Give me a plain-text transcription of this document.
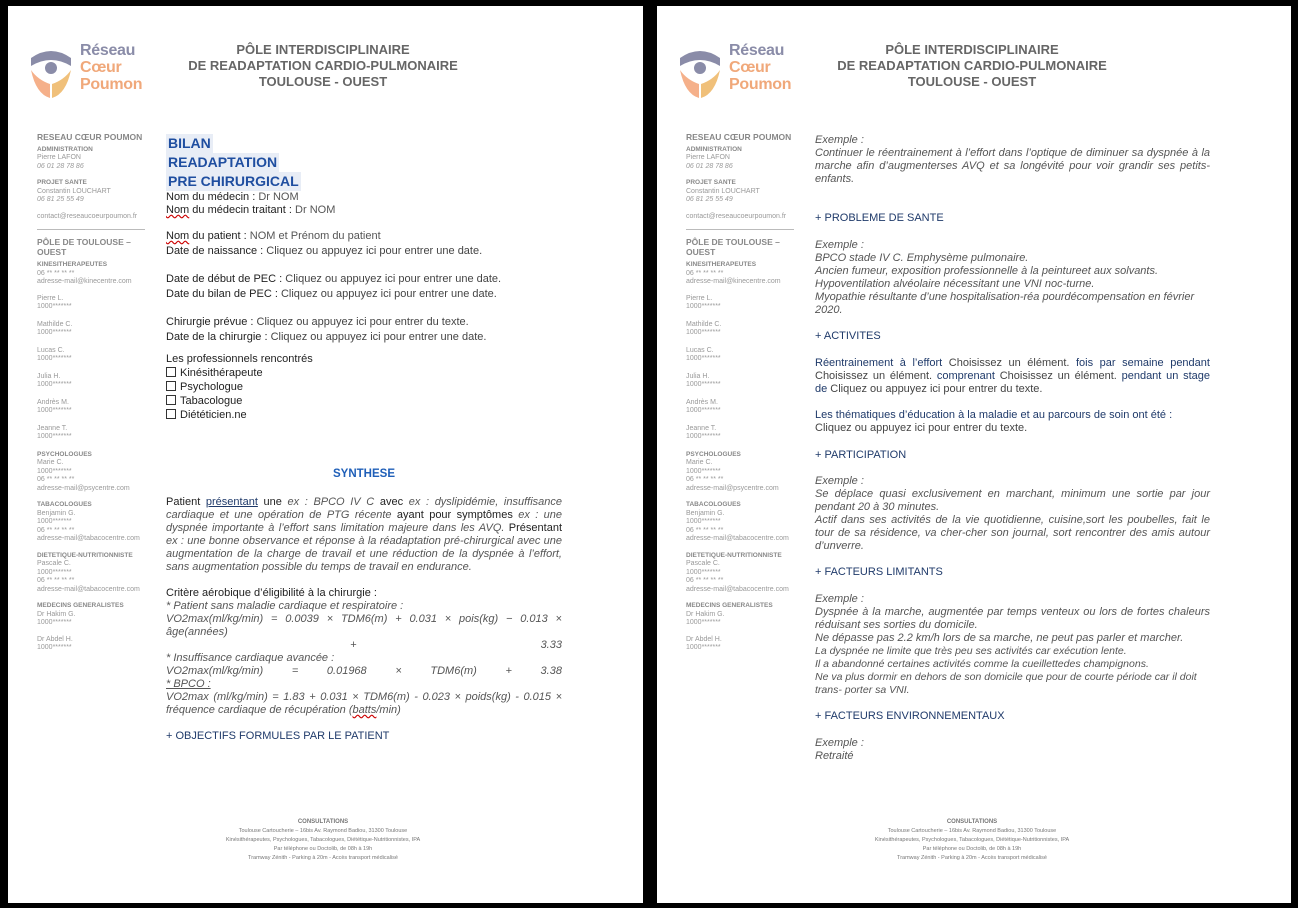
Réseau
Cœur
Poumon
PÔLE INTERDISCIPLINAIRE
DE READAPTATION CARDIO-PULMONAIRE
TOULOUSE - OUEST
RESEAU CŒUR POUMON
ADMINISTRATION
Pierre LAFON
06 01 28 78 86
PROJET SANTE
Constantin LOUCHART
06 81 25 55 49
contact@reseaucoeurpoumon.fr
PÔLE DE TOULOUSE – OUEST
KINESITHERAPEUTES
06 ** ** ** **
adresse-mail@kinecentre.com
Pierre L.
1000*******
Mathilde C.
1000*******
Lucas C.
1000*******
Julia H.
1000*******
Andrès M.
1000*******
Jeanne T.
1000*******
PSYCHOLOGUES
Marie C.
1000*******
06 ** ** ** **
adresse-mail@psycentre.com
TABACOLOGUES
Benjamin G.
1000*******
06 ** ** ** **
adresse-mail@tabacocentre.com
DIETETIQUE-NUTRITIONNISTE
Pascale C.
1000*******
06 ** ** ** **
adresse-mail@tabacocentre.com
MEDECINS GENERALISTES
Dr Hakim G.
1000*******
Dr Abdel H.
1000*******
BILAN
READAPTATION
PRE CHIRURGICAL
Nom du médecin : Dr NOM
Nom du médecin traitant : Dr NOM
Nom du patient : NOM et Prénom du patient
Date de naissance : Cliquez ou appuyez ici pour entrer une date.
Date de début de PEC : Cliquez ou appuyez ici pour entrer une date.
Date du bilan de PEC : Cliquez ou appuyez ici pour entrer une date.
Chirurgie prévue : Cliquez ou appuyez ici pour entrer du texte.
Date de la chirurgie : Cliquez ou appuyez ici pour entrer une date.
Les professionnels rencontrés
Kinésithérapeute
Psychologue
Tabacologue
Diététicien.ne
SYNTHESE
Patient présentant une ex : BPCO IV C avec ex : dyslipidémie, insuffisance cardiaque et une opération de PTG récente ayant pour symptômes ex : une dyspnée importante à l’effort sans limitation majeure dans les AVQ. Présentant ex : une bonne observance et réponse à la réadaptation pré-chirurgical avec une augmentation de la charge de travail et une réduction de la dyspnée à l’effort, sans augmentation possible du temps de travail en endurance.
Critère aérobique d’éligibilité à la chirurgie :
* Patient sans maladie cardiaque et respiratoire :
VO2max(ml/kg/min) = 0.0039 × TDM6(m) + 0.031 × pois(kg) − 0.013 × âge(années)
+	3.33
* Insuffisance cardiaque avancée :
VO2max(ml/kg/min)	=	0.01968	×	TDM6(m)	+	3.38
* BPCO :
VO2max (ml/kg/min) = 1.83 + 0.031 × TDM6(m) - 0.023 × poids(kg) - 0.015 × fréquence cardiaque de récupération (batts/min)
+ OBJECTIFS FORMULES PAR LE PATIENT
CONSULTATIONS
Toulouse Cartoucherie – 16bis Av. Raymond Badiou, 31300 Toulouse
Kinésithérapeutes, Psychologues, Tabacologues, Diététique-Nutritionnistes, IPA
Par téléphone ou Doctolib, de 08h à 19h
Tramway Zénith - Parking à 20m - Accès transport médicalisé
Réseau
Cœur
Poumon
PÔLE INTERDISCIPLINAIRE
DE READAPTATION CARDIO-PULMONAIRE
TOULOUSE - OUEST
RESEAU CŒUR POUMON
ADMINISTRATION
Pierre LAFON
06 01 28 78 86
PROJET SANTE
Constantin LOUCHART
06 81 25 55 49
contact@reseaucoeurpoumon.fr
PÔLE DE TOULOUSE – OUEST
KINESITHERAPEUTES
06 ** ** ** **
adresse-mail@kinecentre.com
Pierre L.
1000*******
Mathilde C.
1000*******
Lucas C.
1000*******
Julia H.
1000*******
Andrès M.
1000*******
Jeanne T.
1000*******
PSYCHOLOGUES
Marie C.
1000*******
06 ** ** ** **
adresse-mail@psycentre.com
TABACOLOGUES
Benjamin G.
1000*******
06 ** ** ** **
adresse-mail@tabacocentre.com
DIETETIQUE-NUTRITIONNISTE
Pascale C.
1000*******
06 ** ** ** **
adresse-mail@tabacocentre.com
MEDECINS GENERALISTES
Dr Hakim G.
1000*******
Dr Abdel H.
1000*******
Exemple :
Continuer le réentrainement à l’effort dans l’optique de diminuer sa dyspnée à la marche afin d’augmenterses AVQ et sa longévité pour voir grandir ses petits-enfants.
+ PROBLEME DE SANTE
Exemple :
BPCO stade IV C. Emphysème pulmonaire.
Ancien fumeur, exposition professionnelle à la peintureet aux solvants.
Hypoventilation alvéolaire nécessitant une VNI noc-turne.
Myopathie résultante d’une hospitalisation-réa pourdécompensation en février 2020.
+ ACTIVITES
Réentrainement à l’effort Choisissez un élément. fois par semaine pendant Choisissez un élément. comprenant Choisissez un élément. pendant un stage de Cliquez ou appuyez ici pour entrer du texte.
Les thématiques d’éducation à la maladie et au parcours de soin ont été :
Cliquez ou appuyez ici pour entrer du texte.
+ PARTICIPATION
Exemple :
Se déplace quasi exclusivement en marchant, minimum une sortie par jour pendant 20 à 30 minutes.
Actif dans ses activités de la vie quotidienne, cuisine,sort les poubelles, fait le tour de sa résidence, va cher-cher son journal, sort rencontrer des amis autour d’unverre.
+ FACTEURS LIMITANTS
Exemple :
Dyspnée à la marche, augmentée par temps venteux ou lors de fortes chaleurs réduisant ses sorties du domicile.
Ne dépasse pas 2.2 km/h lors de sa marche, ne peut pas parler et marcher.
La dyspnée ne limite que très peu ses activités car exécution lente.
Il a abandonné certaines activités comme la cueillettedes champignons.
Ne va plus dormir en dehors de son domicile que pour de courte période car il doit trans- porter sa VNI.
+ FACTEURS ENVIRONNEMENTAUX
Exemple :
Retraité
CONSULTATIONS
Toulouse Cartoucherie – 16bis Av. Raymond Badiou, 31300 Toulouse
Kinésithérapeutes, Psychologues, Tabacologues, Diététique-Nutritionnistes, IPA
Par téléphone ou Doctolib, de 08h à 19h
Tramway Zénith - Parking à 20m - Accès transport médicalisé
